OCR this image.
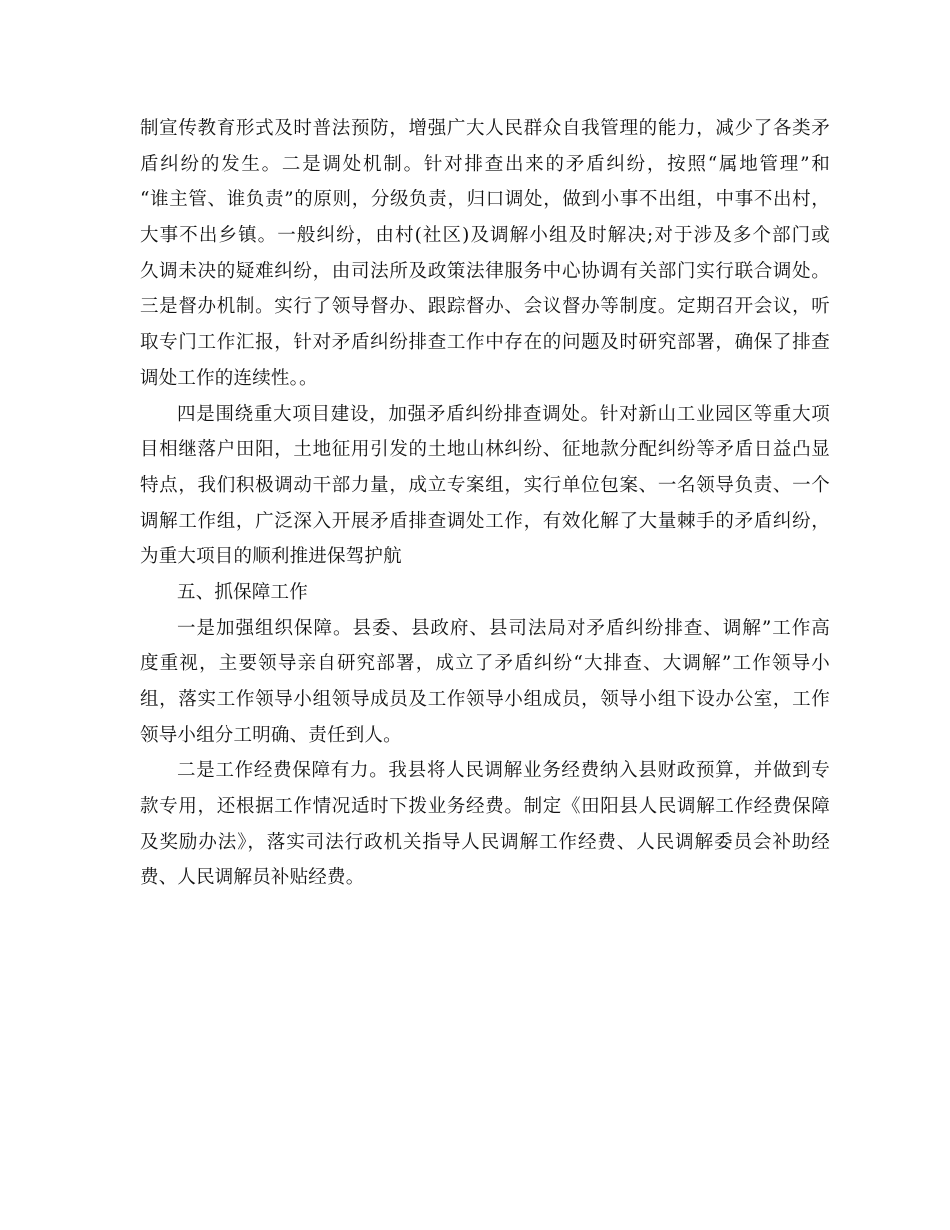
制宣传教育形式及时普法预防，增强广大人民群众自我管理的能力，减少了各类矛
盾纠纷的发生。二是调处机制。针对排查出来的矛盾纠纷，按照“属地管理”和
“谁主管、谁负责”的原则，分级负责，归口调处，做到小事不出组，中事不出村，
大事不出乡镇。一般纠纷，由村(社区)及调解小组及时解决;对于涉及多个部门或
久调未决的疑难纠纷，由司法所及政策法律服务中心协调有关部门实行联合调处。
三是督办机制。实行了领导督办、跟踪督办、会议督办等制度。定期召开会议，听
取专门工作汇报，针对矛盾纠纷排查工作中存在的问题及时研究部署，确保了排查
调处工作的连续性。。
四是围绕重大项目建设，加强矛盾纠纷排查调处。针对新山工业园区等重大项
目相继落户田阳，土地征用引发的土地山林纠纷、征地款分配纠纷等矛盾日益凸显
特点，我们积极调动干部力量，成立专案组，实行单位包案、一名领导负责、一个
调解工作组，广泛深入开展矛盾排查调处工作，有效化解了大量棘手的矛盾纠纷，
为重大项目的顺利推进保驾护航
五、抓保障工作
一是加强组织保障。县委、县政府、县司法局对矛盾纠纷排查、调解”工作高
度重视，主要领导亲自研究部署，成立了矛盾纠纷“大排查、大调解”工作领导小
组，落实工作领导小组领导成员及工作领导小组成员，领导小组下设办公室，工作
领导小组分工明确、责任到人。
二是工作经费保障有力。我县将人民调解业务经费纳入县财政预算，并做到专
款专用，还根据工作情况适时下拨业务经费。制定《田阳县人民调解工作经费保障
及奖励办法》，落实司法行政机关指导人民调解工作经费、人民调解委员会补助经
费、人民调解员补贴经费。
